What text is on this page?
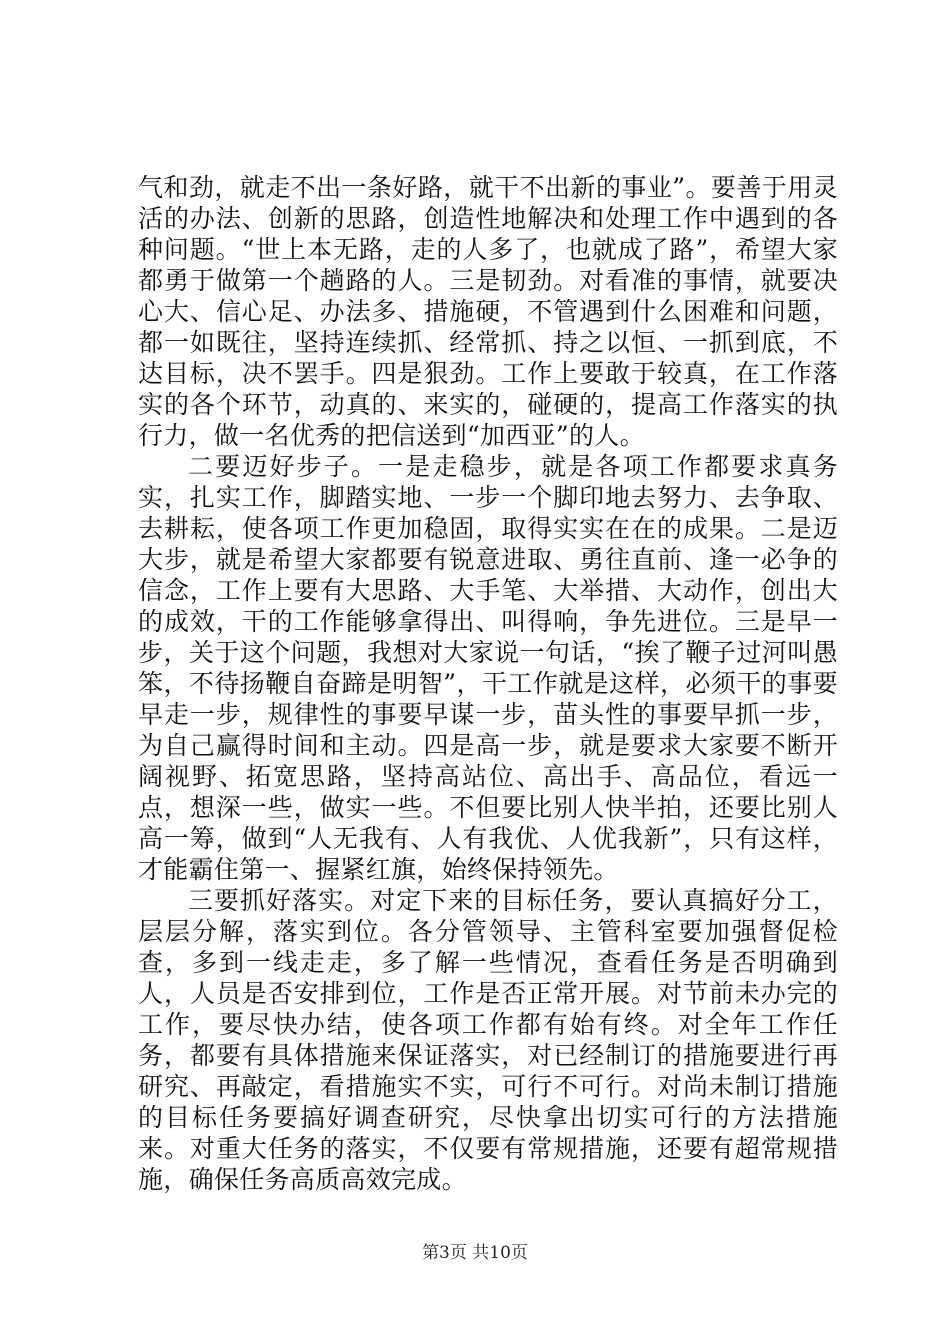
气和劲，就走不出一条好路，就干不出新的事业”。要善于用灵活的办法、创新的思路，创造性地解决和处理工作中遇到的各种问题。“世上本无路，走的人多了，也就成了路”，希望大家都勇于做第一个趟路的人。三是韧劲。对看准的事情，就要决心大、信心足、办法多、措施硬，不管遇到什么困难和问题，都一如既往，坚持连续抓、经常抓、持之以恒、一抓到底，不达目标，决不罢手。四是狠劲。工作上要敢于较真，在工作落实的各个环节，动真的、来实的，碰硬的，提高工作落实的执行力，做一名优秀的把信送到“加西亚”的人。

二要迈好步子。一是走稳步，就是各项工作都要求真务实，扎实工作，脚踏实地、一步一个脚印地去努力、去争取、去耕耘，使各项工作更加稳固，取得实实在在的成果。二是迈大步，就是希望大家都要有锐意进取、勇往直前、逢一必争的信念，工作上要有大思路、大手笔、大举措、大动作，创出大的成效，干的工作能够拿得出、叫得响，争先进位。三是早一步，关于这个问题，我想对大家说一句话，“挨了鞭子过河叫愚笨，不待扬鞭自奋蹄是明智”，干工作就是这样，必须干的事要早走一步，规律性的事要早谋一步，苗头性的事要早抓一步，为自己赢得时间和主动。四是高一步，就是要求大家要不断开阔视野、拓宽思路，坚持高站位、高出手、高品位，看远一点，想深一些，做实一些。不但要比别人快半拍，还要比别人高一筹，做到“人无我有、人有我优、人优我新”，只有这样，才能霸住第一、握紧红旗，始终保持领先。

三要抓好落实。对定下来的目标任务，要认真搞好分工，层层分解，落实到位。各分管领导、主管科室要加强督促检查，多到一线走走，多了解一些情况，查看任务是否明确到人，人员是否安排到位，工作是否正常开展。对节前未办完的工作，要尽快办结，使各项工作都有始有终。对全年工作任务，都要有具体措施来保证落实，对已经制订的措施要进行再研究、再敲定，看措施实不实，可行不可行。对尚未制订措施的目标任务要搞好调查研究，尽快拿出切实可行的方法措施来。对重大任务的落实，不仅要有常规措施，还要有超常规措施，确保任务高质高效完成。

第3页 共10页
